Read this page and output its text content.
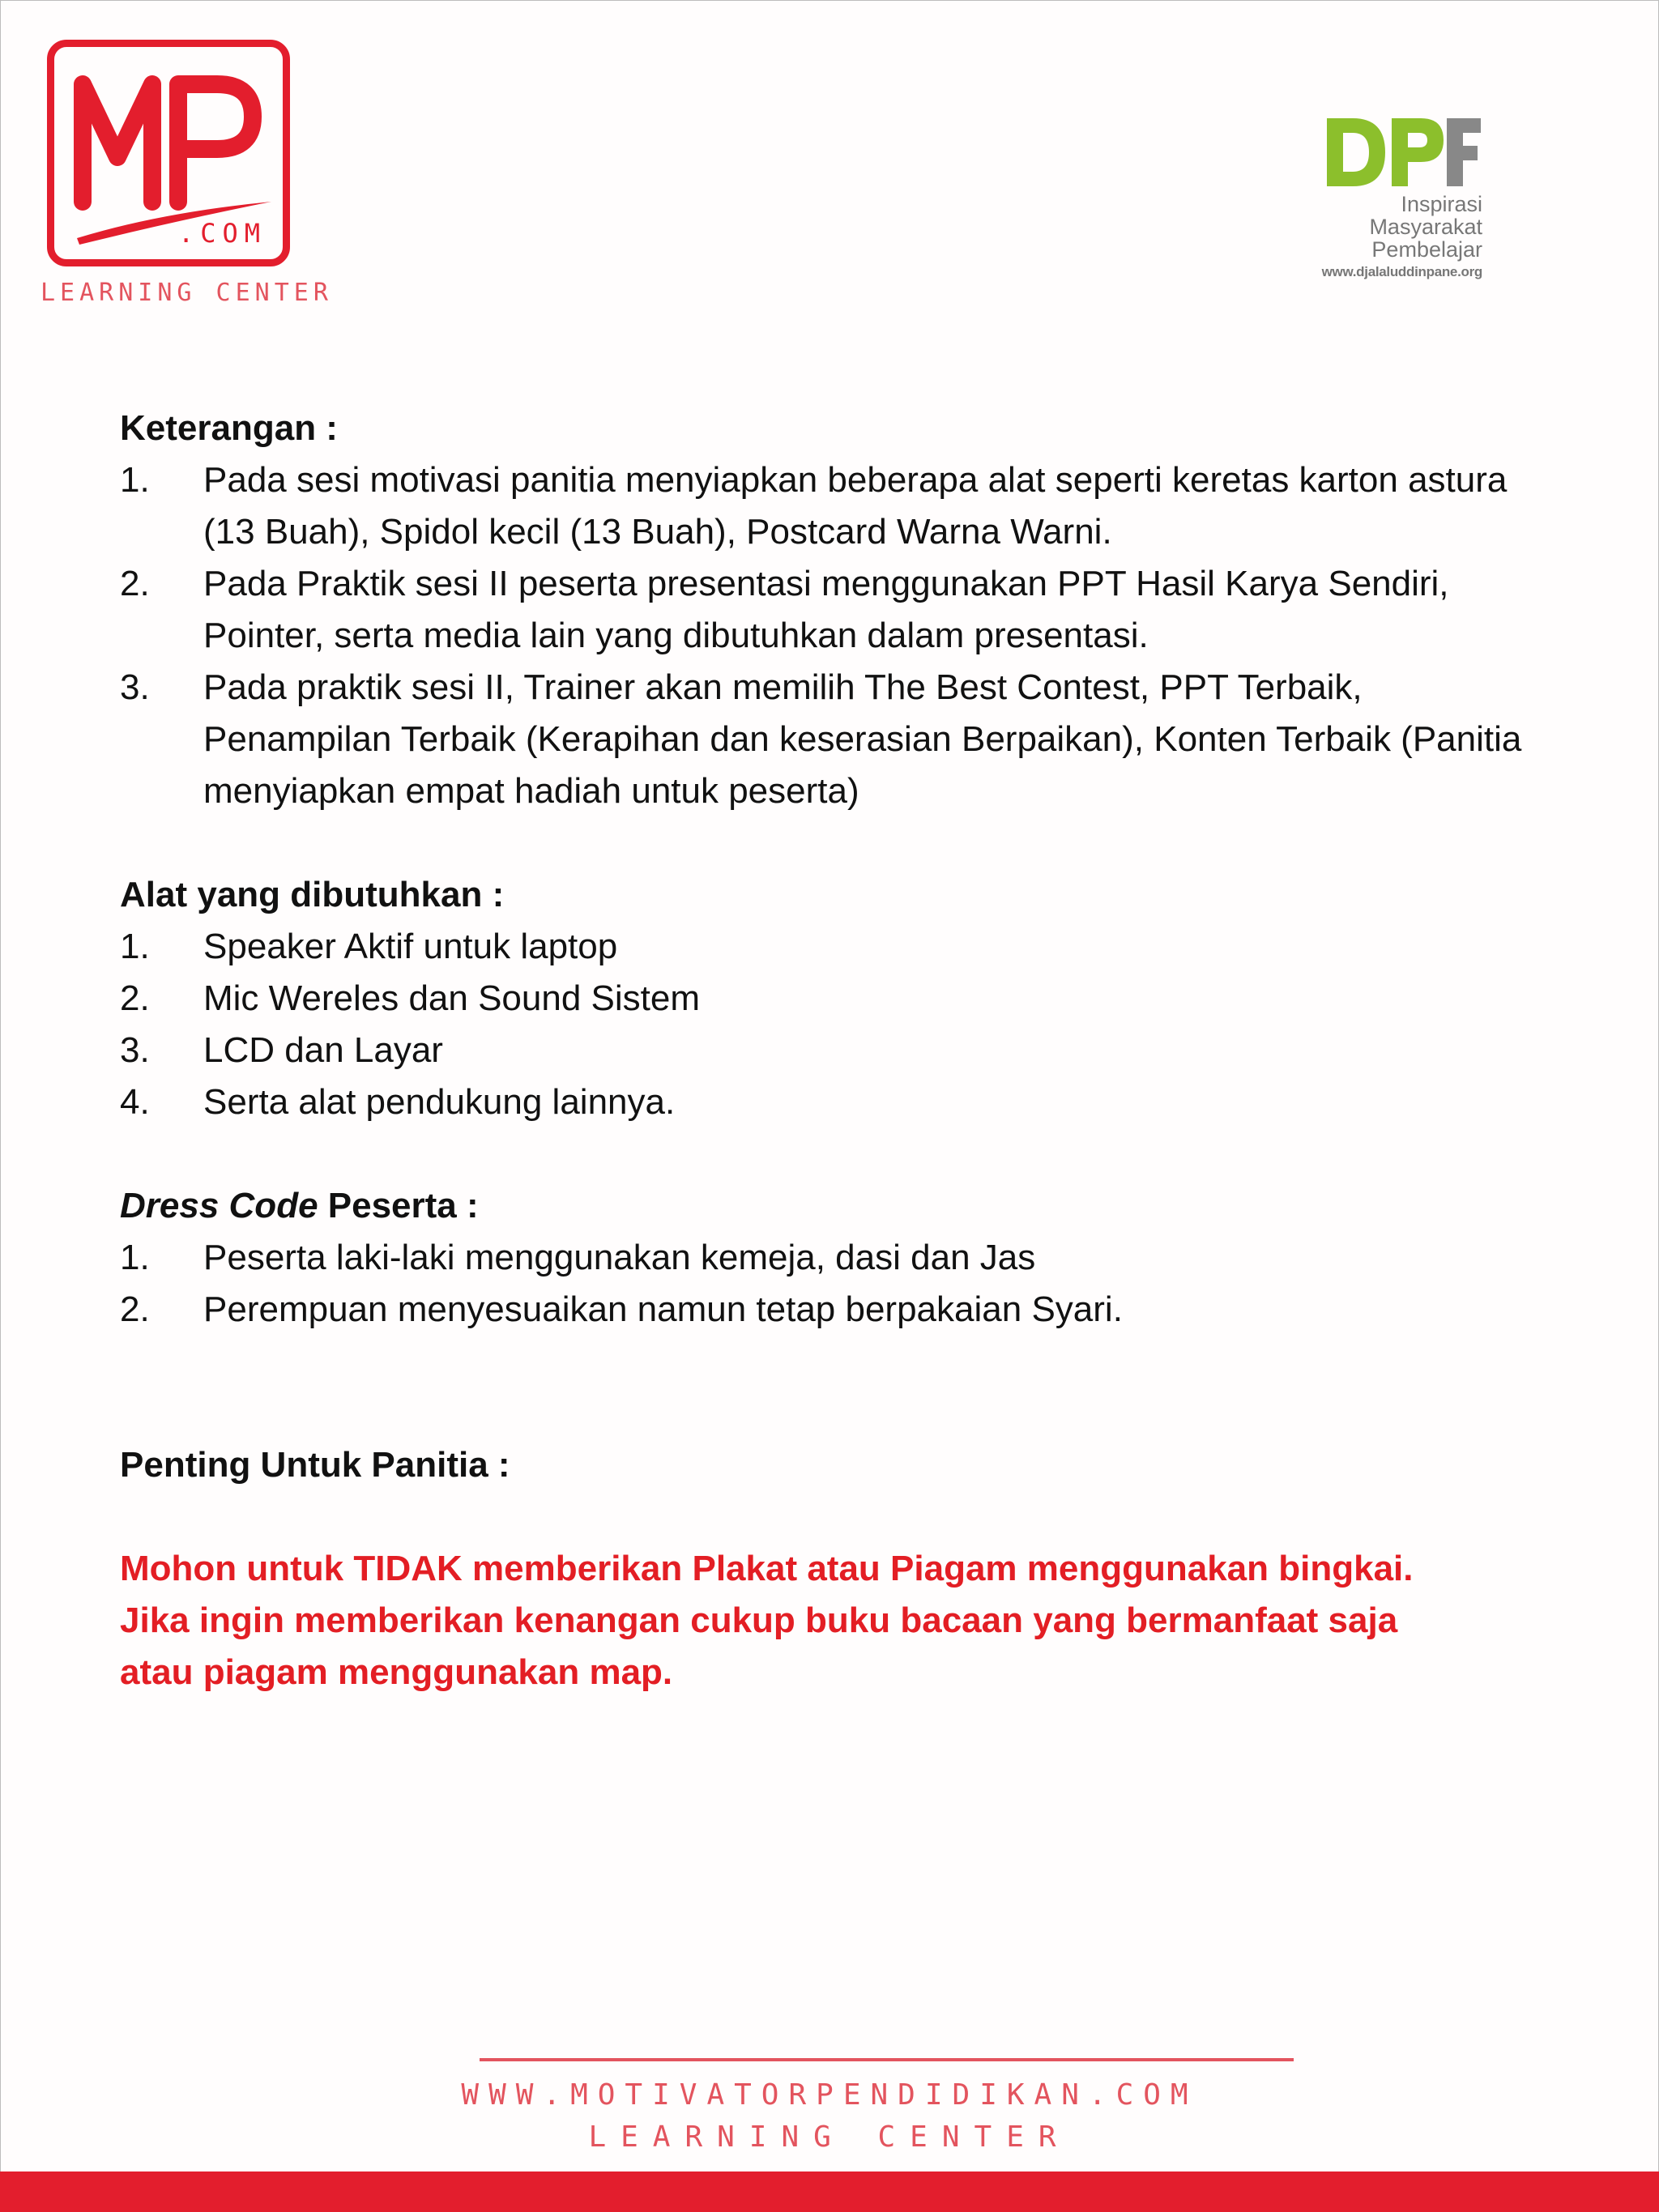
.COM
LEARNING CENTER
Inspirasi
Masyarakat
Pembelajar
www.djalaluddinpane.org

Keterangan :

1.	Pada sesi motivasi panitia menyiapkan beberapa alat seperti keretas karton astura (13 Buah), Spidol kecil (13 Buah), Postcard Warna Warni.
2.	Pada Praktik sesi II peserta presentasi menggunakan PPT Hasil Karya Sendiri, Pointer, serta media lain yang dibutuhkan dalam presentasi.
3.	Pada praktik sesi II, Trainer akan memilih The Best Contest, PPT Terbaik, Penampilan Terbaik (Kerapihan dan keserasian Berpaikan), Konten Terbaik (Panitia menyiapkan empat hadiah untuk peserta)

Alat yang dibutuhkan :

1.	Speaker Aktif untuk laptop
2.	Mic Wereles dan Sound Sistem
3.	LCD dan Layar
4.	Serta alat pendukung lainnya.

Dress Code Peserta :

1.	Peserta laki-laki menggunakan kemeja, dasi dan Jas
2.	Perempuan menyesuaikan namun tetap berpakaian Syari.

Penting Untuk Panitia :

Mohon untuk TIDAK memberikan Plakat atau Piagam menggunakan bingkai.

Jika ingin memberikan kenangan cukup buku bacaan yang bermanfaat saja

atau piagam menggunakan map.

WWW.MOTIVATORPENDIDIKAN.COM
LEARNING CENTER
